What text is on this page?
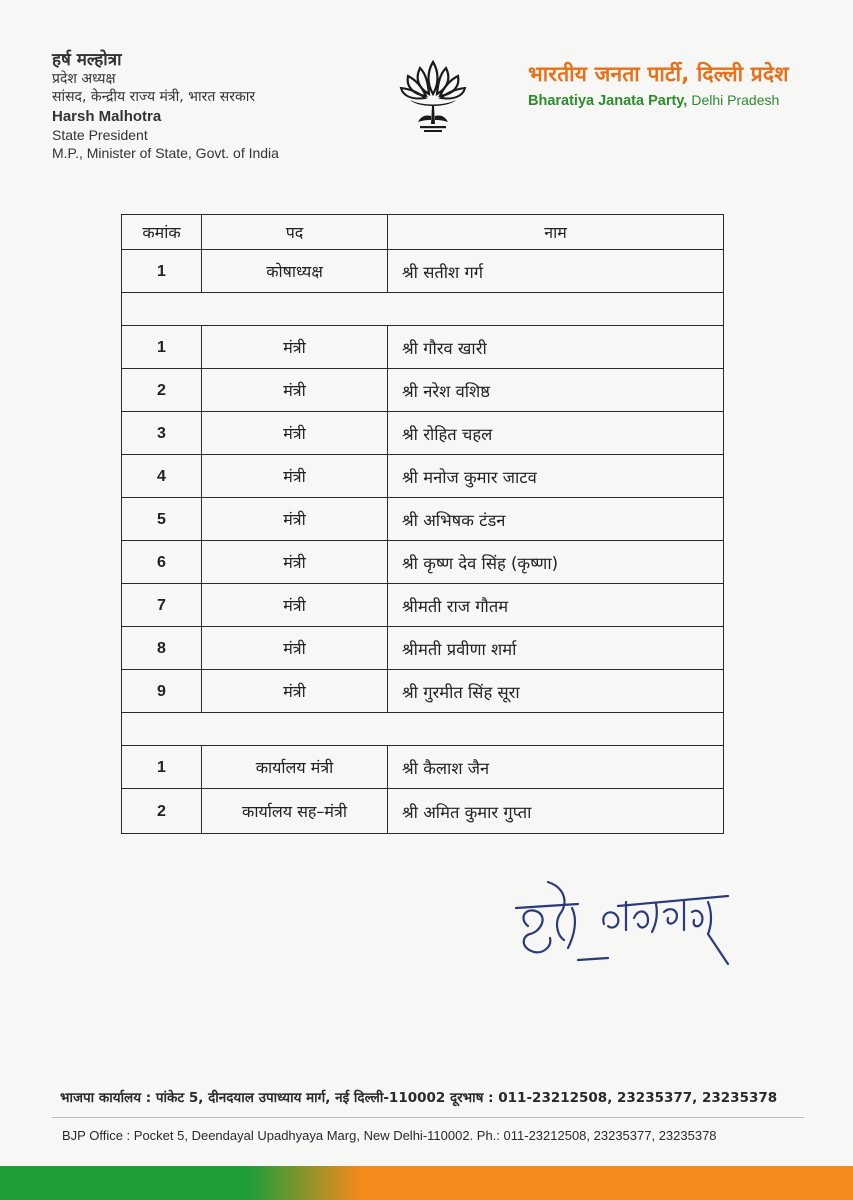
हर्ष मल्होत्रा
प्रदेश अध्यक्ष
सांसद, केन्द्रीय राज्य मंत्री, भारत सरकार
Harsh Malhotra
State President
M.P., Minister of State, Govt. of India
भारतीय जनता पार्टी, दिल्ली प्रदेश
Bharatiya Janata Party, Delhi Pradesh
कमांक	पद	नाम
1	कोषाध्यक्ष	श्री सतीश गर्ग

1	मंत्री	श्री गौरव खारी
2	मंत्री	श्री नरेश वशिष्ठ
3	मंत्री	श्री रोहित चहल
4	मंत्री	श्री मनोज कुमार जाटव
5	मंत्री	श्री अभिषक टंडन
6	मंत्री	श्री कृष्ण देव सिंह (कृष्णा)
7	मंत्री	श्रीमती राज गौतम
8	मंत्री	श्रीमती प्रवीणा शर्मा
9	मंत्री	श्री गुरमीत सिंह सूरा

1	कार्यालय मंत्री	श्री कैलाश जैन
2	कार्यालय सह–मंत्री	श्री अमित कुमार गुप्ता
भाजपा कार्यालय : पांकेट 5, दीनदयाल उपाध्याय मार्ग, नई दिल्ली-110002 दूरभाष : 011-23212508, 23235377, 23235378
BJP Office : Pocket 5, Deendayal Upadhyaya Marg, New Delhi-110002. Ph.: 011-23212508, 23235377, 23235378
